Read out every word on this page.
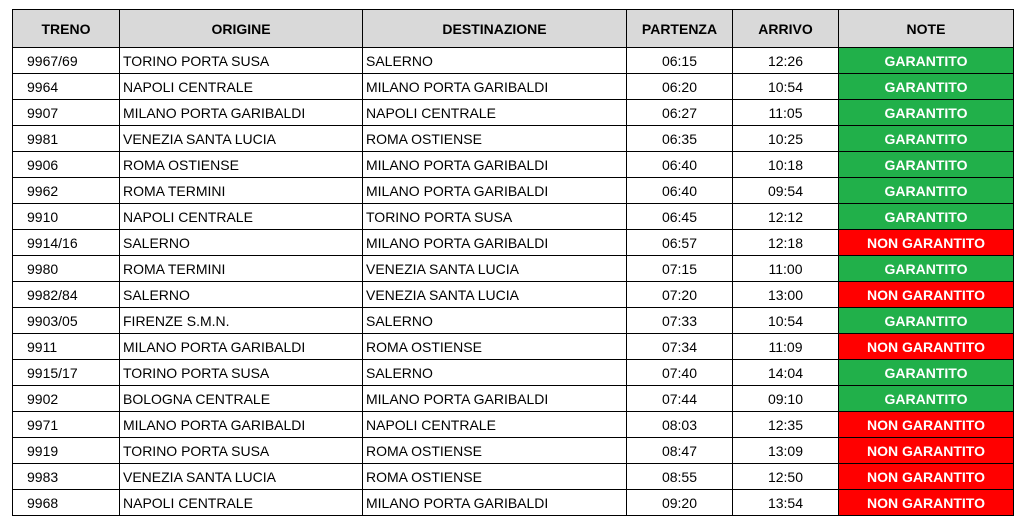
TRENO	ORIGINE	DESTINAZIONE	PARTENZA	ARRIVO	NOTE
9967/69	TORINO PORTA SUSA	SALERNO	06:15	12:26	GARANTITO
9964	NAPOLI CENTRALE	MILANO PORTA GARIBALDI	06:20	10:54	GARANTITO
9907	MILANO PORTA GARIBALDI	NAPOLI CENTRALE	06:27	11:05	GARANTITO
9981	VENEZIA SANTA LUCIA	ROMA OSTIENSE	06:35	10:25	GARANTITO
9906	ROMA OSTIENSE	MILANO PORTA GARIBALDI	06:40	10:18	GARANTITO
9962	ROMA TERMINI	MILANO PORTA GARIBALDI	06:40	09:54	GARANTITO
9910	NAPOLI CENTRALE	TORINO PORTA SUSA	06:45	12:12	GARANTITO
9914/16	SALERNO	MILANO PORTA GARIBALDI	06:57	12:18	NON GARANTITO
9980	ROMA TERMINI	VENEZIA SANTA LUCIA	07:15	11:00	GARANTITO
9982/84	SALERNO	VENEZIA SANTA LUCIA	07:20	13:00	NON GARANTITO
9903/05	FIRENZE S.M.N.	SALERNO	07:33	10:54	GARANTITO
9911	MILANO PORTA GARIBALDI	ROMA OSTIENSE	07:34	11:09	NON GARANTITO
9915/17	TORINO PORTA SUSA	SALERNO	07:40	14:04	GARANTITO
9902	BOLOGNA CENTRALE	MILANO PORTA GARIBALDI	07:44	09:10	GARANTITO
9971	MILANO PORTA GARIBALDI	NAPOLI CENTRALE	08:03	12:35	NON GARANTITO
9919	TORINO PORTA SUSA	ROMA OSTIENSE	08:47	13:09	NON GARANTITO
9983	VENEZIA SANTA LUCIA	ROMA OSTIENSE	08:55	12:50	NON GARANTITO
9968	NAPOLI CENTRALE	MILANO PORTA GARIBALDI	09:20	13:54	NON GARANTITO
